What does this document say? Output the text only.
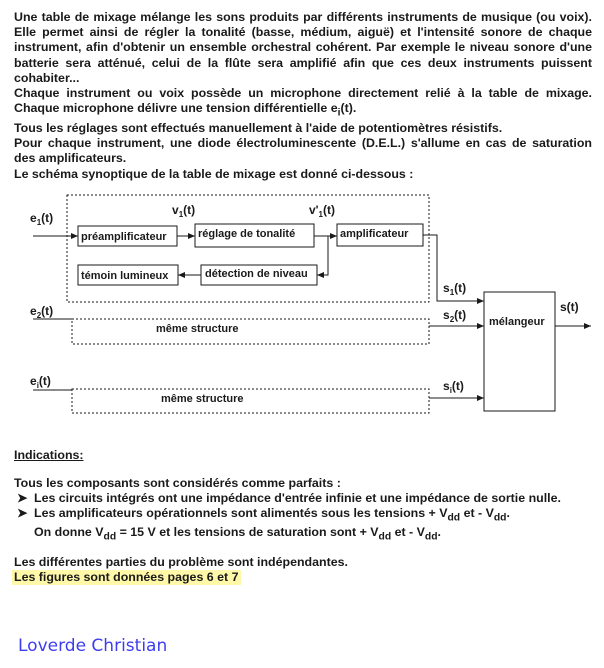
Une table de mixage mélange les sons produits par différents instruments de musique (ou voix). Elle permet ainsi de régler la tonalité (basse, médium, aiguë) et l'intensité sonore de chaque instrument, afin d'obtenir un ensemble orchestral cohérent. Par exemple le niveau sonore d'une batterie sera atténué, celui de la flûte sera amplifié afin que ces deux instruments puissent cohabiter...

Chaque instrument ou voix possède un microphone directement relié à la table de mixage. Chaque microphone délivre une tension différentielle $e_i(t)$.

Tous les réglages sont effectués manuellement à l'aide de potentiomètres résistifs.

Pour chaque instrument, une diode électroluminescente (D.E.L.) s'allume en cas de saturation des amplificateurs.

Le schéma synoptique de la table de mixage est donné ci-dessous :

préamplificateur	réglage de tonalité	amplificateur
témoin lumineux	détection de niveau
même structure
même structure
mélangeur
$e_1(t)$
$v_1(t)$	$v'_1(t)$
$s_1(t)$
$e_2(t)$	$s_2(t)$
s(t)
$e_i(t)$	$s_i(t)$

Indications:

Tous les composants sont considérés comme parfaits :

➤ Les circuits intégrés ont une impédance d'entrée infinie et une impédance de sortie nulle.

➤ Les amplificateurs opérationnels sont alimentés sous les tensions + $V_{dd}$ et - $V_{dd}$.
On donne $V_{dd} = 15$ V et les tensions de saturation sont + $V_{dd}$ et - $V_{dd}$.

Les différentes parties du problème sont indépendantes.

Les figures sont données pages 6 et 7

Loverde Christian
